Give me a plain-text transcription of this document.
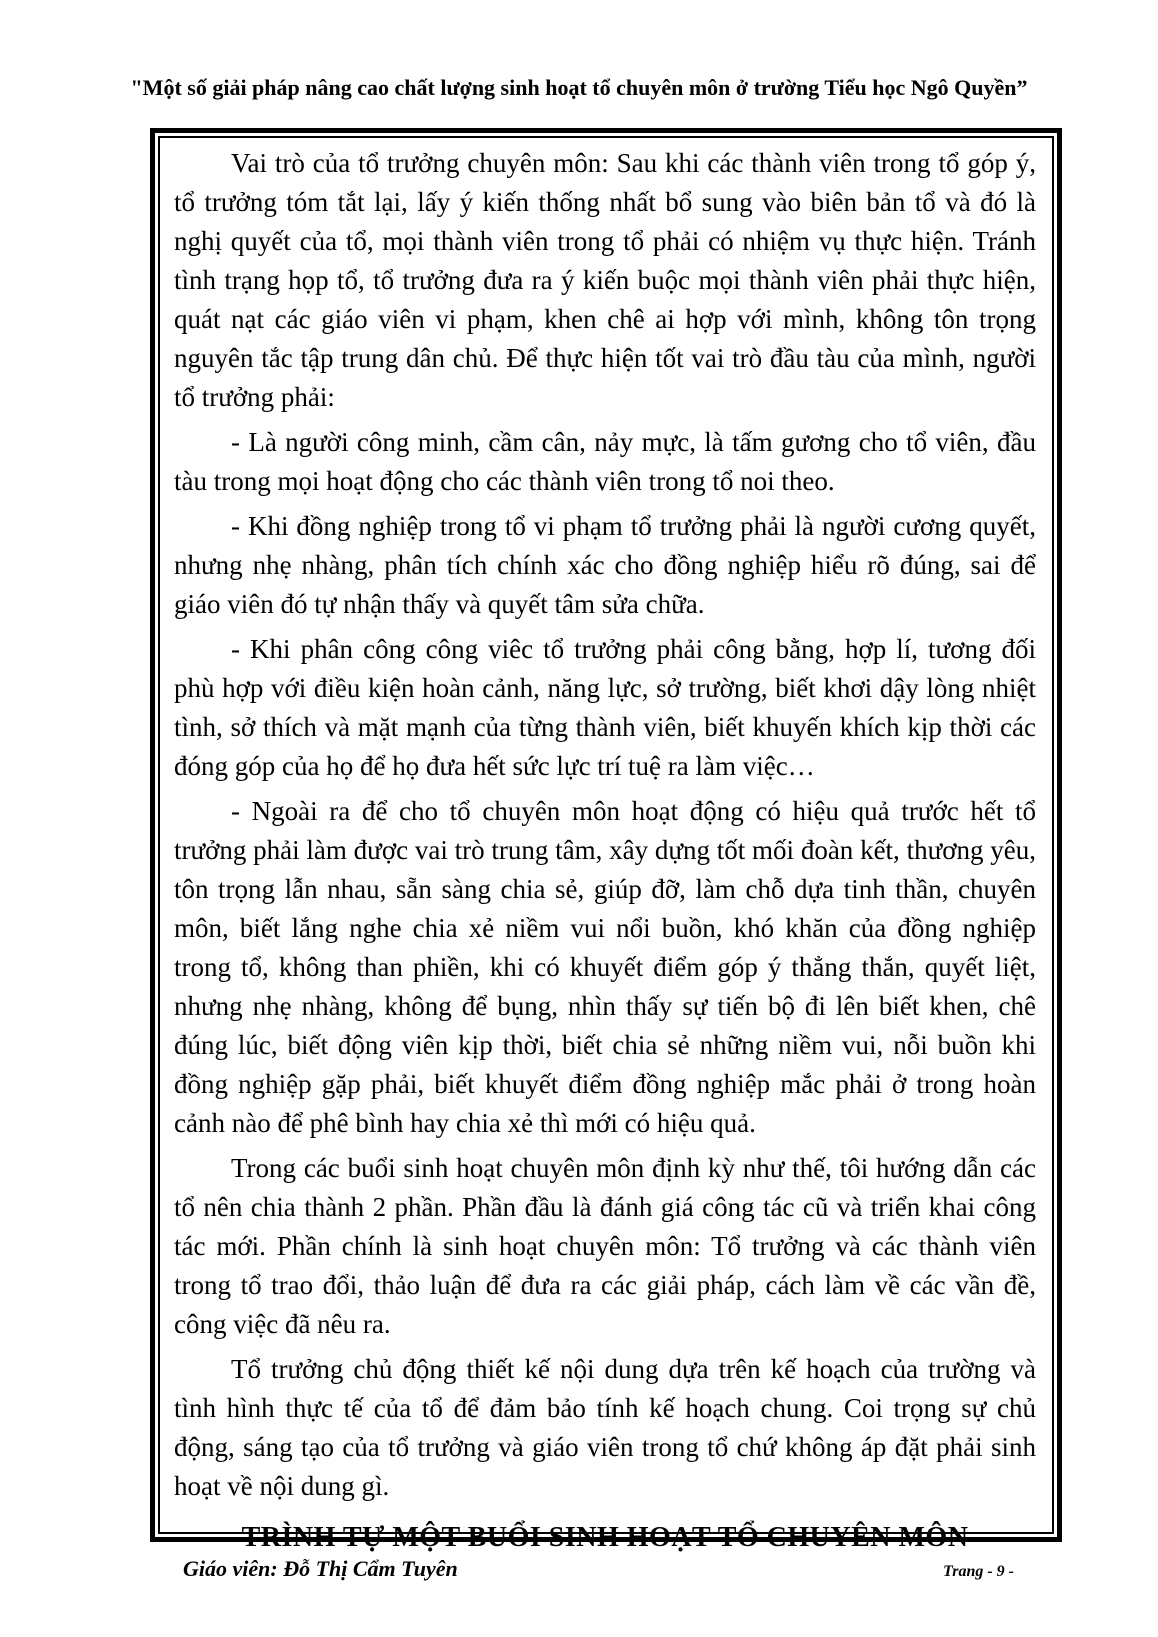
"Một số giải pháp nâng cao chất lượng sinh hoạt tổ chuyên môn ở trường Tiểu học Ngô Quyền”

Vai trò của tổ trưởng chuyên môn: Sau khi các thành viên trong tổ góp ý, tổ trưởng tóm tắt lại, lấy ý kiến thống nhất bổ sung vào biên bản tổ và đó là nghị quyết của tổ, mọi thành viên trong tổ phải có nhiệm vụ thực hiện. Tránh tình trạng họp tổ, tổ trưởng đưa ra ý kiến buộc mọi thành viên phải thực hiện, quát nạt các giáo viên vi phạm, khen chê ai hợp với mình, không tôn trọng nguyên tắc tập trung dân chủ. Để thực hiện tốt vai trò đầu tàu của mình, người tổ trưởng phải:

- Là người công minh, cầm cân, nảy mực, là tấm gương cho tổ viên, đầu tàu trong mọi hoạt động cho các thành viên trong tổ noi theo.

- Khi đồng nghiệp trong tổ vi phạm tổ trưởng phải là người cương quyết, nhưng nhẹ nhàng, phân tích chính xác cho đồng nghiệp hiểu rõ đúng, sai để giáo viên đó tự nhận thấy và quyết tâm sửa chữa.

- Khi phân công công viêc tổ trưởng phải công bằng, hợp lí, tương đối phù hợp với điều kiện hoàn cảnh, năng lực, sở trường, biết khơi dậy lòng nhiệt tình, sở thích và mặt mạnh của từng thành viên, biết khuyến khích kịp thời các đóng góp của họ để họ đưa hết sức lực trí tuệ ra làm việc…

- Ngoài ra để cho tổ chuyên môn hoạt động có hiệu quả trước hết tổ trưởng phải làm được vai trò trung tâm, xây dựng tốt mối đoàn kết, thương yêu, tôn trọng lẫn nhau, sẵn sàng chia sẻ, giúp đỡ, làm chỗ dựa tinh thần, chuyên môn, biết lắng nghe chia xẻ niềm vui nổi buồn, khó khăn của đồng nghiệp trong tổ, không than phiền, khi có khuyết điểm góp ý thẳng thắn, quyết liệt, nhưng nhẹ nhàng, không để bụng, nhìn thấy sự tiến bộ đi lên biết khen, chê đúng lúc, biết động viên kịp thời, biết chia sẻ những niềm vui, nỗi buồn khi đồng nghiệp gặp phải, biết khuyết điểm đồng nghiệp mắc phải ở trong hoàn cảnh nào để phê bình hay chia xẻ thì mới có hiệu quả.

Trong các buổi sinh hoạt chuyên môn định kỳ như thế, tôi hướng dẫn các tổ nên chia thành 2 phần. Phần đầu là đánh giá công tác cũ và triển khai công tác mới. Phần chính là sinh hoạt chuyên môn: Tổ trưởng và các thành viên trong tổ trao đổi, thảo luận để đưa ra các giải pháp, cách làm về các vần đề, công việc đã nêu ra.

Tổ trưởng chủ động thiết kế nội dung dựa trên kế hoạch của trường và tình hình thực tế của tổ để đảm bảo tính kế hoạch chung. Coi trọng sự chủ động, sáng tạo của tổ trưởng và giáo viên trong tổ chứ không áp đặt phải sinh hoạt về nội dung gì.

TRÌNH TỰ MỘT BUỔI SINH HOẠT TỔ CHUYÊN MÔN
Giáo viên: Đỗ Thị Cẩm Tuyên	Trang - 9 -
